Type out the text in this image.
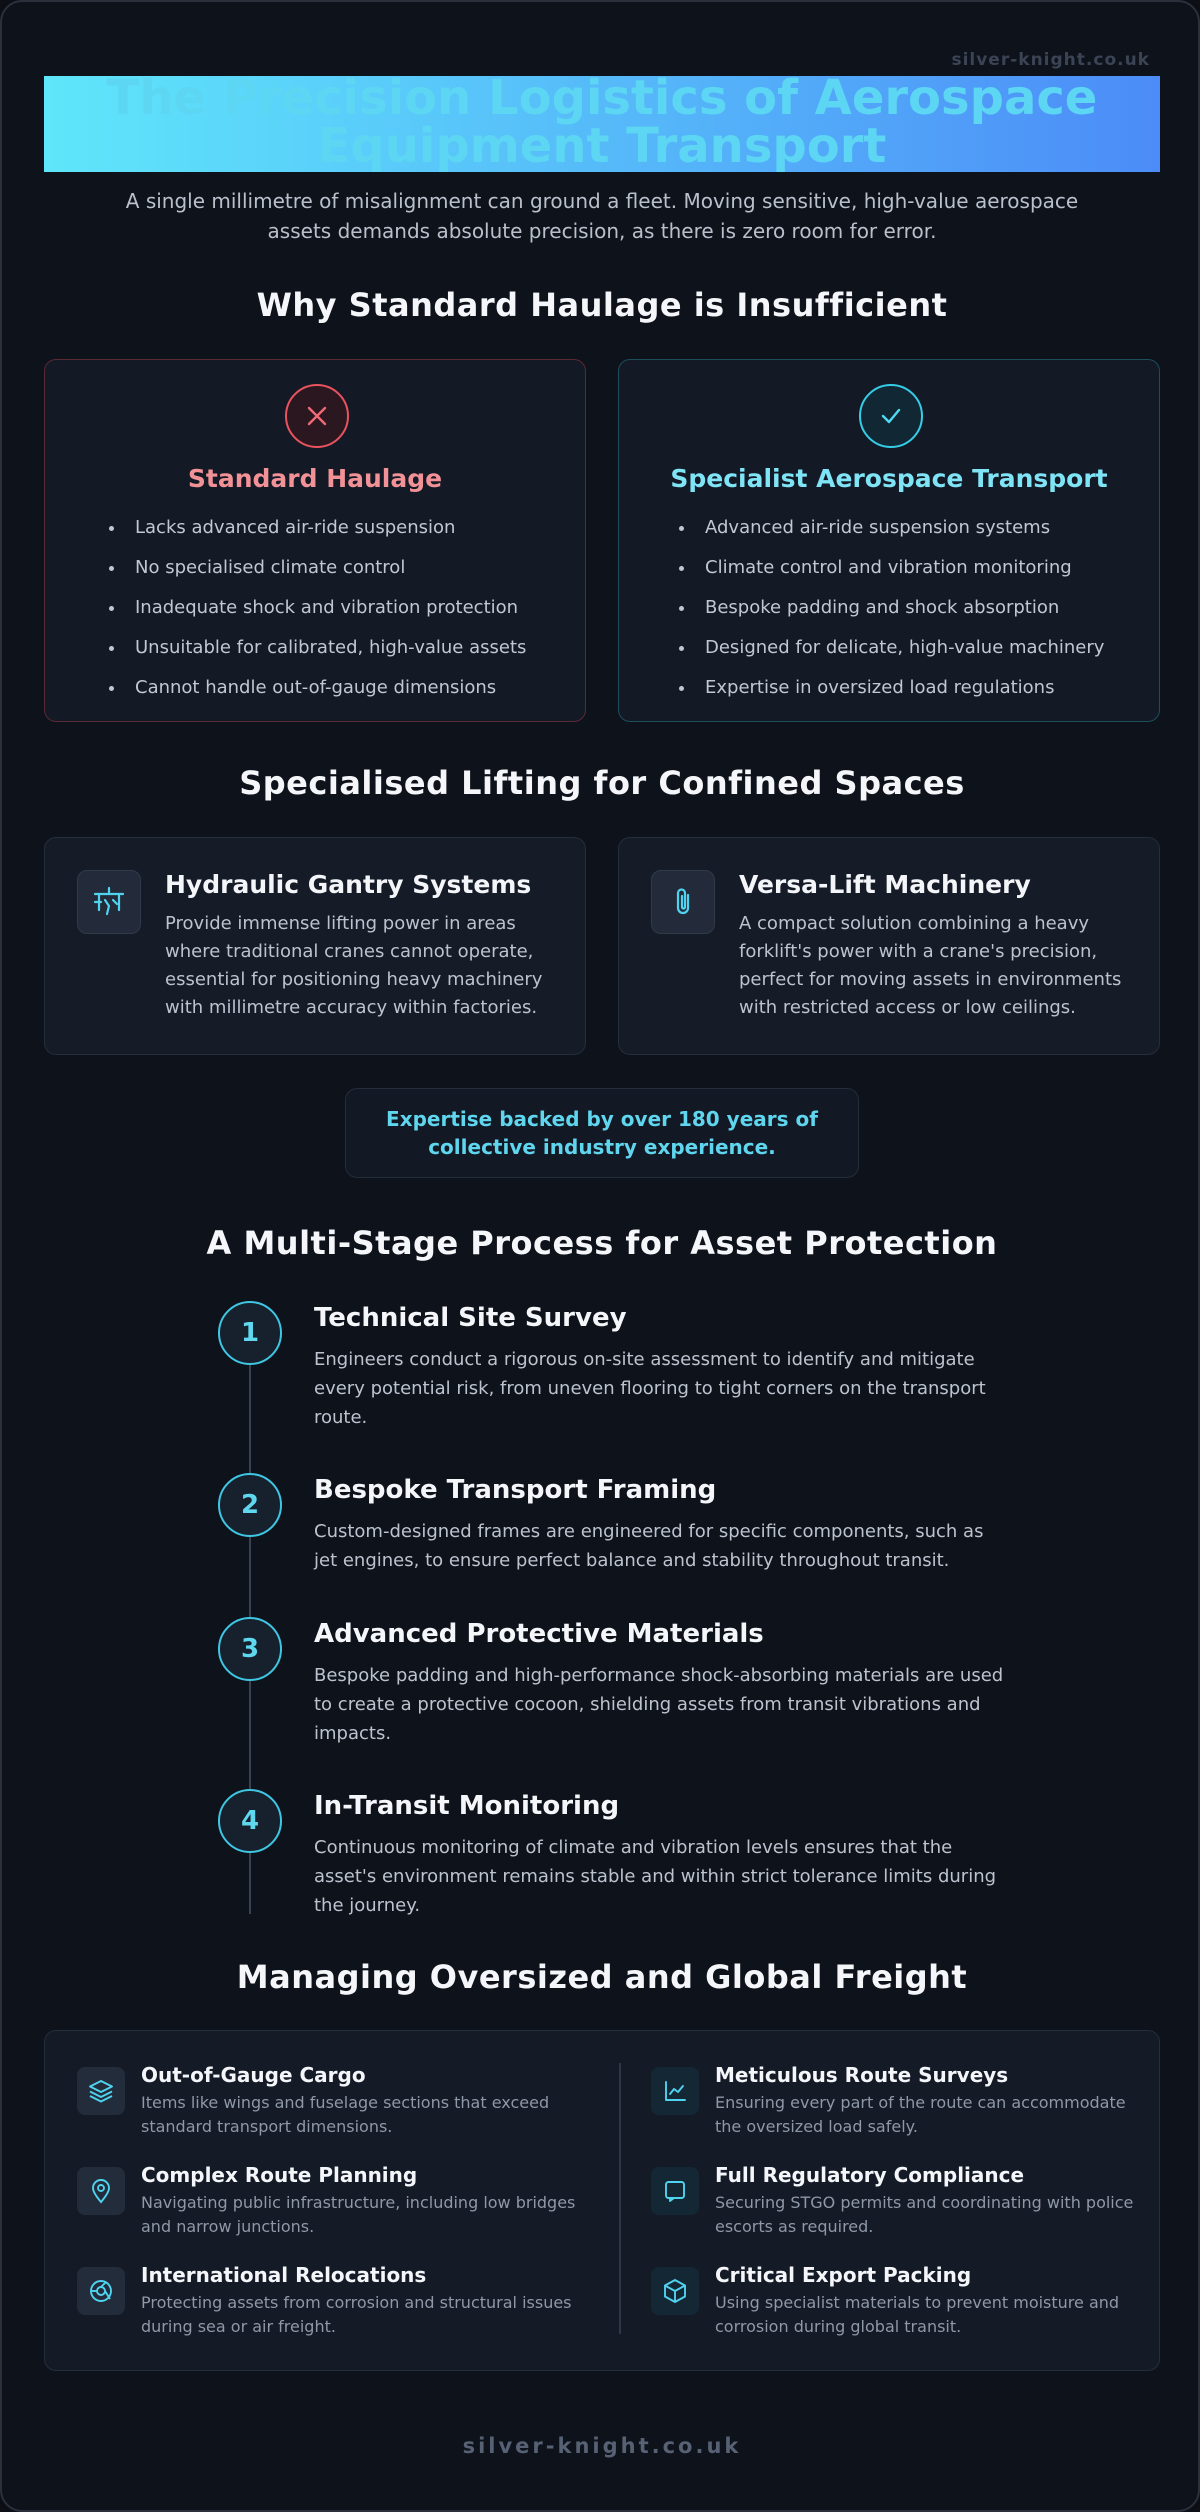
silver-knight.co.uk
The Precision Logistics of Aerospace Equipment Transport
A single millimetre of misalignment can ground a fleet. Moving sensitive, high-value aerospace assets demands absolute precision, as there is zero room for error.
Why Standard Haulage is Insufficient
Standard Haulage
Lacks advanced air-ride suspension
No specialised climate control
Inadequate shock and vibration protection
Unsuitable for calibrated, high-value assets
Cannot handle out-of-gauge dimensions
Specialist Aerospace Transport
Advanced air-ride suspension systems
Climate control and vibration monitoring
Bespoke padding and shock absorption
Designed for delicate, high-value machinery
Expertise in oversized load regulations
Specialised Lifting for Confined Spaces
Hydraulic Gantry Systems
Provide immense lifting power in areas where traditional cranes cannot operate, essential for positioning heavy machinery with millimetre accuracy within factories.
Versa-Lift Machinery
A compact solution combining a heavy forklift's power with a crane's precision, perfect for moving assets in environments with restricted access or low ceilings.
Expertise backed by over 180 years of collective industry experience.
A Multi-Stage Process for Asset Protection
1	Technical Site Survey
Engineers conduct a rigorous on-site assessment to identify and mitigate every potential risk, from uneven flooring to tight corners on the transport route.
2	Bespoke Transport Framing
Custom-designed frames are engineered for specific components, such as jet engines, to ensure perfect balance and stability throughout transit.
3	Advanced Protective Materials
Bespoke padding and high-performance shock-absorbing materials are used to create a protective cocoon, shielding assets from transit vibrations and impacts.
4	In-Transit Monitoring
Continuous monitoring of climate and vibration levels ensures that the asset's environment remains stable and within strict tolerance limits during the journey.
Managing Oversized and Global Freight
Out-of-Gauge Cargo
Items like wings and fuselage sections that exceed standard transport dimensions.
Complex Route Planning
Navigating public infrastructure, including low bridges and narrow junctions.
International Relocations
Protecting assets from corrosion and structural issues during sea or air freight.
Meticulous Route Surveys
Ensuring every part of the route can accommodate the oversized load safely.
Full Regulatory Compliance
Securing STGO permits and coordinating with police escorts as required.
Critical Export Packing
Using specialist materials to prevent moisture and corrosion during global transit.
silver-knight.co.uk
